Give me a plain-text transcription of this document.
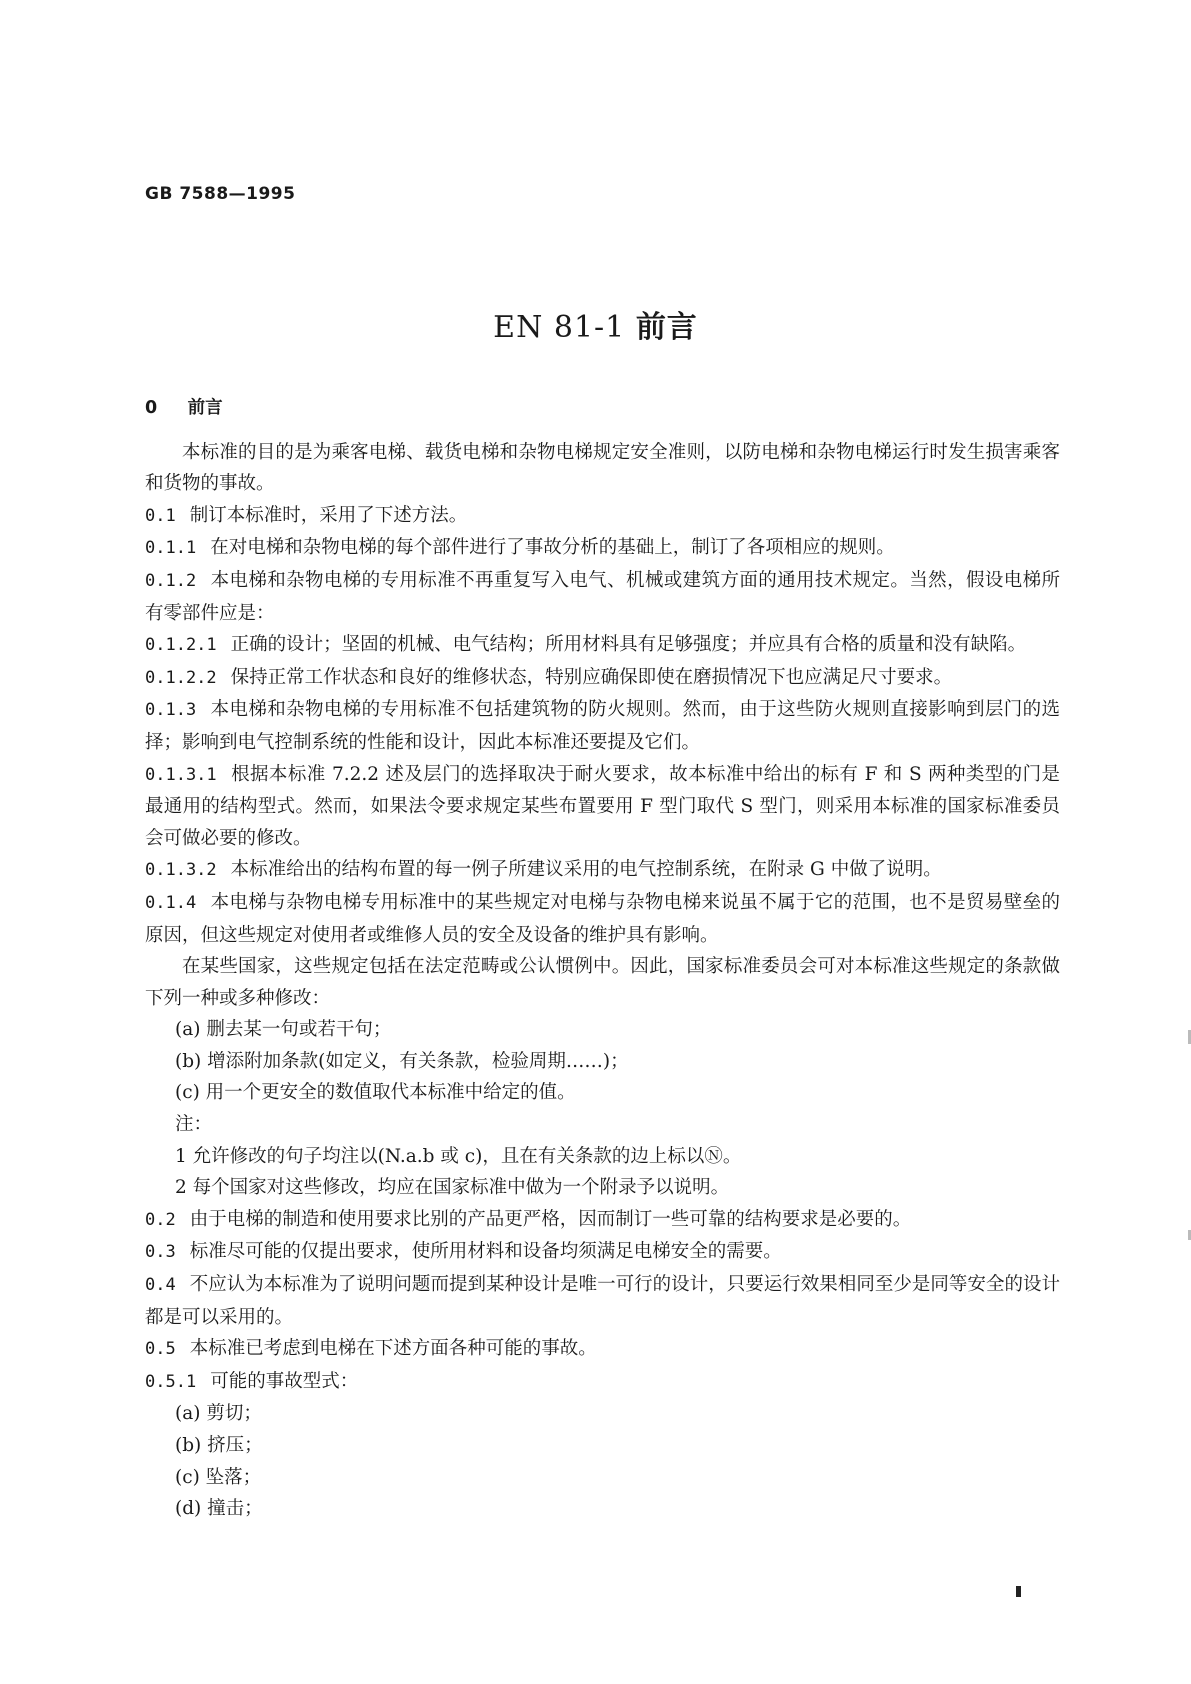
GB 7588—1995
EN 81-1 前言

0 前言

本标准的目的是为乘客电梯、载货电梯和杂物电梯规定安全准则，以防电梯和杂物电梯运行时发生损害乘客和货物的事故。

0.1 制订本标准时，采用了下述方法。

0.1.1 在对电梯和杂物电梯的每个部件进行了事故分析的基础上，制订了各项相应的规则。

0.1.2 本电梯和杂物电梯的专用标准不再重复写入电气、机械或建筑方面的通用技术规定。当然，假设电梯所有零部件应是：

0.1.2.1 正确的设计；坚固的机械、电气结构；所用材料具有足够强度；并应具有合格的质量和没有缺陷。

0.1.2.2 保持正常工作状态和良好的维修状态，特别应确保即使在磨损情况下也应满足尺寸要求。

0.1.3 本电梯和杂物电梯的专用标准不包括建筑物的防火规则。然而，由于这些防火规则直接影响到层门的选择；影响到电气控制系统的性能和设计，因此本标准还要提及它们。

0.1.3.1 根据本标准 7.2.2 述及层门的选择取决于耐火要求，故本标准中给出的标有 F 和 S 两种类型的门是最通用的结构型式。然而，如果法令要求规定某些布置要用 F 型门取代 S 型门，则采用本标准的国家标准委员会可做必要的修改。

0.1.3.2 本标准给出的结构布置的每一例子所建议采用的电气控制系统，在附录 G 中做了说明。

0.1.4 本电梯与杂物电梯专用标准中的某些规定对电梯与杂物电梯来说虽不属于它的范围，也不是贸易壁垒的原因，但这些规定对使用者或维修人员的安全及设备的维护具有影响。

在某些国家，这些规定包括在法定范畴或公认惯例中。因此，国家标准委员会可对本标准这些规定的条款做下列一种或多种修改：

(a) 删去某一句或若干句；

(b) 增添附加条款(如定义，有关条款，检验周期……)；

(c) 用一个更安全的数值取代本标准中给定的值。

注：

1 允许修改的句子均注以(N.a.b 或 c)，且在有关条款的边上标以Ⓝ。

2 每个国家对这些修改，均应在国家标准中做为一个附录予以说明。

0.2 由于电梯的制造和使用要求比别的产品更严格，因而制订一些可靠的结构要求是必要的。

0.3 标准尽可能的仅提出要求，使所用材料和设备均须满足电梯安全的需要。

0.4 不应认为本标准为了说明问题而提到某种设计是唯一可行的设计，只要运行效果相同至少是同等安全的设计都是可以采用的。

0.5 本标准已考虑到电梯在下述方面各种可能的事故。

0.5.1 可能的事故型式：

(a) 剪切；

(b) 挤压；

(c) 坠落；

(d) 撞击；
